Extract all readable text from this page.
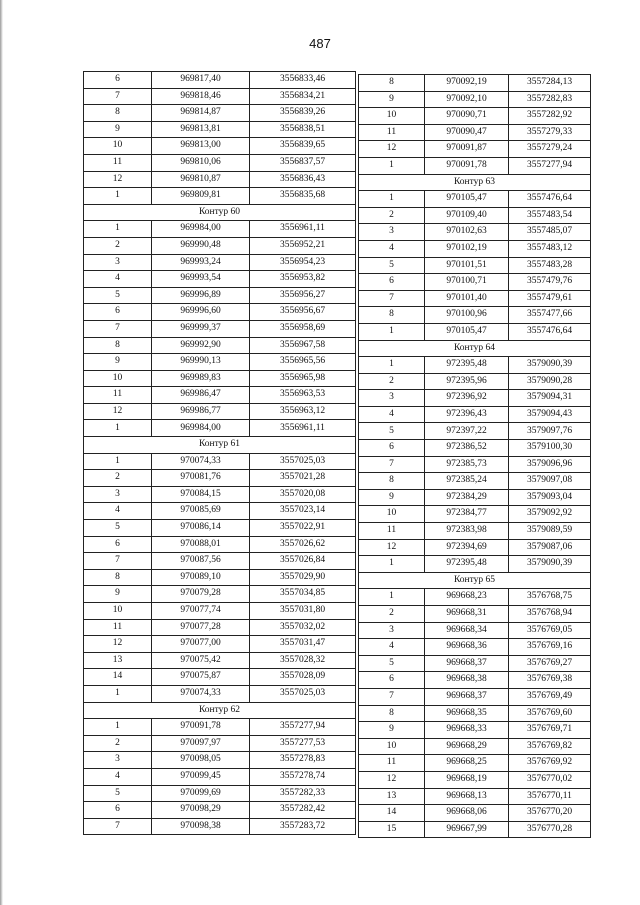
487
6	969817,40	3556833,46
7	969818,46	3556834,21
8	969814,87	3556839,26
9	969813,81	3556838,51
10	969813,00	3556839,65
11	969810,06	3556837,57
12	969810,87	3556836,43
1	969809,81	3556835,68
Контур 60		
1	969984,00	3556961,11
2	969990,48	3556952,21
3	969993,24	3556954,23
4	969993,54	3556953,82
5	969996,89	3556956,27
6	969996,60	3556956,67
7	969999,37	3556958,69
8	969992,90	3556967,58
9	969990,13	3556965,56
10	969989,83	3556965,98
11	969986,47	3556963,53
12	969986,77	3556963,12
1	969984,00	3556961,11
Контур 61		
1	970074,33	3557025,03
2	970081,76	3557021,28
3	970084,15	3557020,08
4	970085,69	3557023,14
5	970086,14	3557022,91
6	970088,01	3557026,62
7	970087,56	3557026,84
8	970089,10	3557029,90
9	970079,28	3557034,85
10	970077,74	3557031,80
11	970077,28	3557032,02
12	970077,00	3557031,47
13	970075,42	3557028,32
14	970075,87	3557028,09
1	970074,33	3557025,03
Контур 62		
1	970091,78	3557277,94
2	970097,97	3557277,53
3	970098,05	3557278,83
4	970099,45	3557278,74
5	970099,69	3557282,33
6	970098,29	3557282,42
7	970098,38	3557283,72
8	970092,19	3557284,13
9	970092,10	3557282,83
10	970090,71	3557282,92
11	970090,47	3557279,33
12	970091,87	3557279,24
1	970091,78	3557277,94
Контур 63		
1	970105,47	3557476,64
2	970109,40	3557483,54
3	970102,63	3557485,07
4	970102,19	3557483,12
5	970101,51	3557483,28
6	970100,71	3557479,76
7	970101,40	3557479,61
8	970100,96	3557477,66
1	970105,47	3557476,64
Контур 64		
1	972395,48	3579090,39
2	972395,96	3579090,28
3	972396,92	3579094,31
4	972396,43	3579094,43
5	972397,22	3579097,76
6	972386,52	3579100,30
7	972385,73	3579096,96
8	972385,24	3579097,08
9	972384,29	3579093,04
10	972384,77	3579092,92
11	972383,98	3579089,59
12	972394,69	3579087,06
1	972395,48	3579090,39
Контур 65		
1	969668,23	3576768,75
2	969668,31	3576768,94
3	969668,34	3576769,05
4	969668,36	3576769,16
5	969668,37	3576769,27
6	969668,38	3576769,38
7	969668,37	3576769,49
8	969668,35	3576769,60
9	969668,33	3576769,71
10	969668,29	3576769,82
11	969668,25	3576769,92
12	969668,19	3576770,02
13	969668,13	3576770,11
14	969668,06	3576770,20
15	969667,99	3576770,28
